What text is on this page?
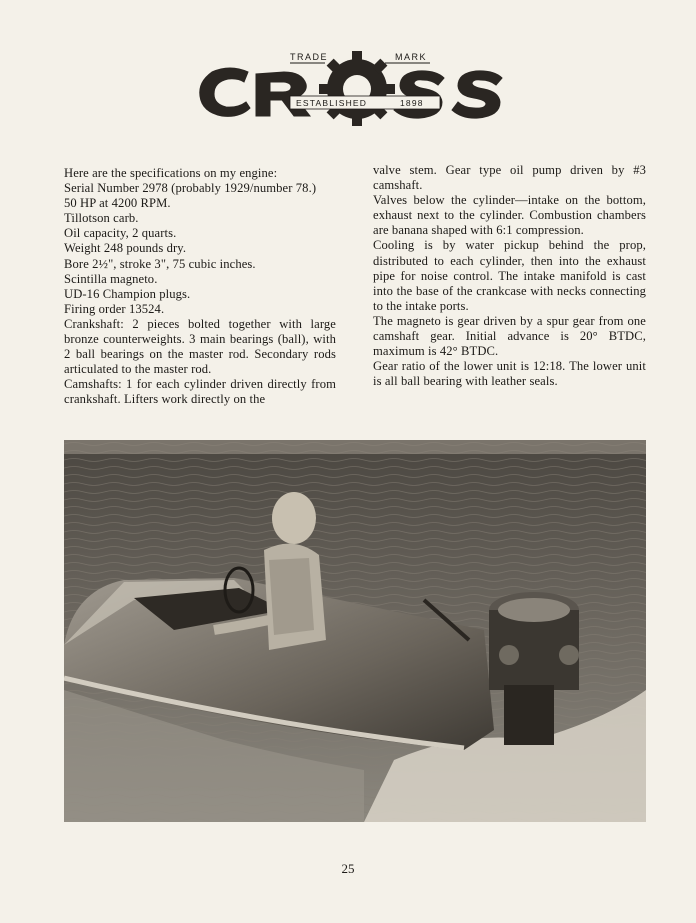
TRADE	MARK
ESTABLISHED	1898

Here are the specifications on my engine:

Serial Number 2978 (probably 1929/number 78.)

50 HP at 4200 RPM.

Tillotson carb.

Oil capacity, 2 quarts.

Weight 248 pounds dry.

Bore 2½", stroke 3", 75 cubic inches.

Scintilla magneto.

UD-16 Champion plugs.

Firing order 13524.

Crankshaft: 2 pieces bolted together with large bronze counterweights. 3 main bearings (ball), with 2 ball bearings on the master rod. Secondary rods articulated to the master rod.

Camshafts: 1 for each cylinder driven directly from crankshaft. Lifters work directly on the

valve stem. Gear type oil pump driven by #3 camshaft.

Valves below the cylinder—intake on the bottom, exhaust next to the cylinder. Combustion chambers are banana shaped with 6:1 compression.

Cooling is by water pickup behind the prop, distributed to each cylinder, then into the exhaust pipe for noise control. The intake manifold is cast into the base of the crankcase with necks connecting to the intake ports.

The magneto is gear driven by a spur gear from one camshaft gear. Initial advance is 20° BTDC, maximum is 42° BTDC.

Gear ratio of the lower unit is 12:18. The lower unit is all ball bearing with leather seals.

25
